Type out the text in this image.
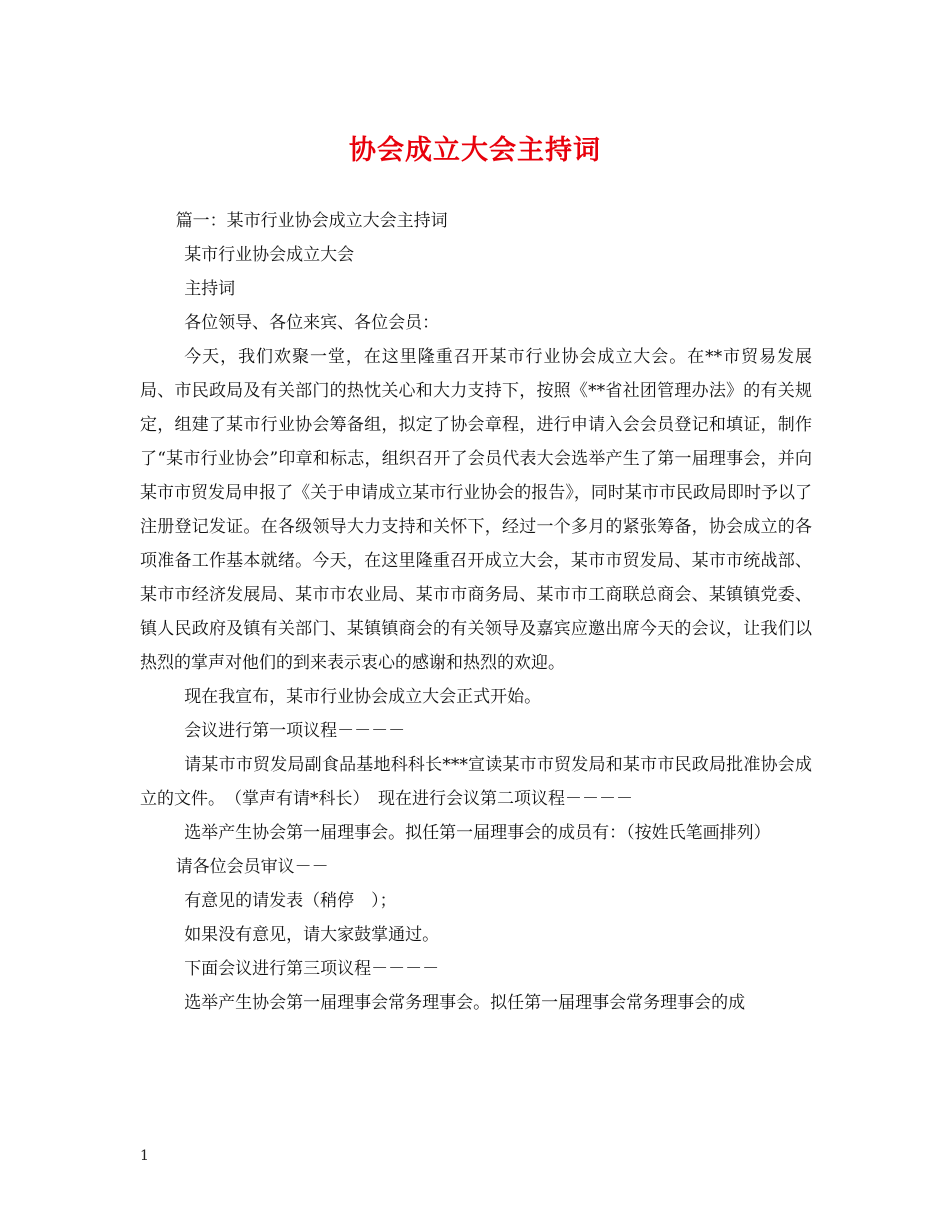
协会成立大会主持词

篇一：某市行业协会成立大会主持词

某市行业协会成立大会

主持词

各位领导、各位来宾、各位会员：

今天，我们欢聚一堂，在这里隆重召开某市行业协会成立大会。在**市贸易发展局、市民政局及有关部门的热忱关心和大力支持下，按照《**省社团管理办法》的有关规定，组建了某市行业协会筹备组，拟定了协会章程，进行申请入会会员登记和填证，制作了“某市行业协会”印章和标志，组织召开了会员代表大会选举产生了第一届理事会，并向某市市贸发局申报了《关于申请成立某市行业协会的报告》，同时某市市民政局即时予以了注册登记发证。在各级领导大力支持和关怀下，经过一个多月的紧张筹备，协会成立的各项准备工作基本就绪。今天，在这里隆重召开成立大会，某市市贸发局、某市市统战部、某市市经济发展局、某市市农业局、某市市商务局、某市市工商联总商会、某镇镇党委、镇人民政府及镇有关部门、某镇镇商会的有关领导及嘉宾应邀出席今天的会议，让我们以热烈的掌声对他们的到来表示衷心的感谢和热烈的欢迎。

现在我宣布，某市行业协会成立大会正式开始。

会议进行第一项议程－－－－

请某市市贸发局副食品基地科科长***宣读某市市贸发局和某市市民政局批准协会成立的文件。　（掌声有请*科长）　现在进行会议第二项议程－－－－

选举产生协会第一届理事会。拟任第一届理事会的成员有：（按姓氏笔画排列）

请各位会员审议－－

有意见的请发表（稍停　）；

如果没有意见，请大家鼓掌通过。

下面会议进行第三项议程－－－－

选举产生协会第一届理事会常务理事会。拟任第一届理事会常务理事会的成

1
